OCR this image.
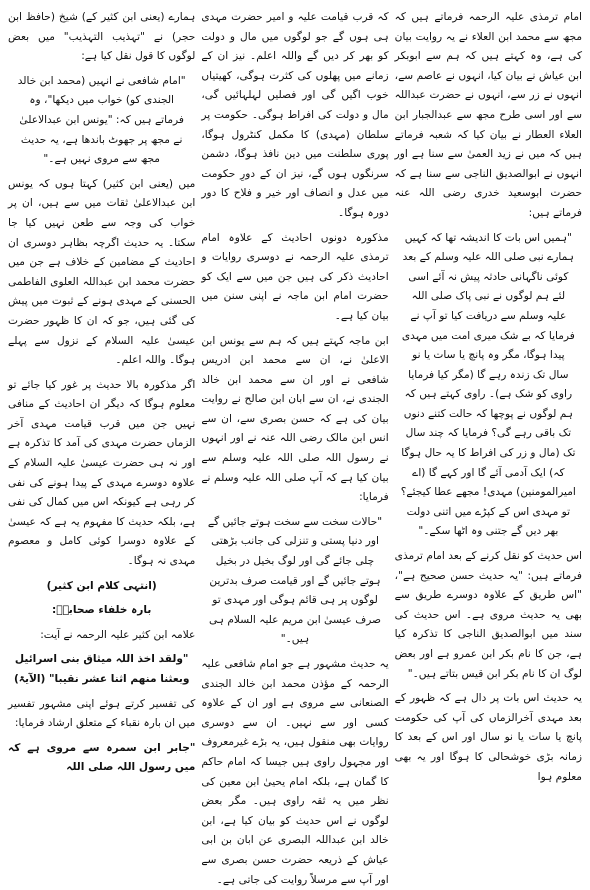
امام ترمذی علیہ الرحمہ فرماتے ہیں کہ مجھ سے محمد ابن العلاء نے یہ روایت بیان کی ہے، وہ کہتے ہیں کہ ہم سے ابوبکر ابن عیاش نے بیان کیا، انہوں نے عاصم سے، انہوں نے زر سے، انہوں نے حضرت عبداللہ سے اور اسی طرح مجھ سے عبدالجبار ابن العلاء العطار نے بیان کیا کہ شعبہ فرماتے ہیں کہ میں نے زید العمیٰ سے سنا ہے اور انہوں نے ابوالصدیق الناجی سے سنا ہے کہ حضرت ابوسعید خدری رضی اللہ عنہ فرماتے ہیں:

"ہمیں اس بات کا اندیشہ تھا کہ کہیں ہمارے نبی صلی اللہ علیہ وسلم کے بعد کوئی ناگہانی حادثہ پیش نہ آئے اسی لئے ہم لوگوں نے نبی پاک صلی اللہ علیہ وسلم سے دریافت کیا تو آپ نے فرمایا کہ بے شک میری امت میں مہدی پیدا ہوگا، مگر وہ پانچ یا سات یا نو سال تک زندہ رہے گا (مگر کیا فرمایا راوی کو شک ہے)۔ راوی کہتے ہیں کہ ہم لوگوں نے پوچھا کہ حالت کتنے دنوں تک باقی رہے گی؟ فرمایا کہ چند سال تک (مال و زر کی افراط کا یہ حال ہوگا کہ) ایک آدمی آئے گا اور کہے گا (اے امیرالمومنین) مہدی! مجھے عطا کیجئے؟ تو مہدی اس کے کپڑے میں اتنی دولت بھر دیں گے جتنی وہ اٹھا سکے۔"

اس حدیث کو نقل کرنے کے بعد امام ترمذی فرماتے ہیں: "یہ حدیث حسن صحیح ہے"، "اس طریق کے علاوہ دوسرے طریق سے بھی یہ حدیث مروی ہے۔ اس حدیث کی سند میں ابوالصدیق الناجی کا تذکرہ کیا ہے، جن کا نام بکر ابن عمرو ہے اور بعض لوگ ان کا نام بکر ابن قیس بتاتے ہیں۔"

یہ حدیث اس بات پر دال ہے کہ ظہور کے بعد مہدی آخرالزماں کی آپ کی حکومت پانچ یا سات یا نو سال اور اس کے بعد کا زمانہ بڑی خوشحالی کا ہوگا اور یہ بھی معلوم ہوا

کہ قرب قیامت علیہ و امیر حضرت مہدی ہی ہوں گے جو لوگوں میں مال و دولت کو بھر کر دیں گے واللہ اعلم۔ نیز ان کے زمانے میں پھلوں کی کثرت ہوگی، کھیتیاں خوب اگیں گی اور فصلیں لہلہائیں گی، مال و دولت کی افراط ہوگی۔ حکومت پر سلطان (مہدی) کا مکمل کنٹرول ہوگا، پوری سلطنت میں دین نافذ ہوگا، دشمن سرنگوں ہوں گے، نیز ان کے دورِ حکومت میں عدل و انصاف اور خیر و فلاح کا دور دورہ ہوگا۔

مذکورہ دونوں احادیث کے علاوہ امام ترمذی علیہ الرحمہ نے دوسری روایات و احادیث ذکر کی ہیں جن میں سے ایک کو حضرت امام ابن ماجہ نے اپنی سنن میں بیان کیا ہے۔

ابن ماجہ کہتے ہیں کہ ہم سے یونس ابن الاعلیٰ نے، ان سے محمد ابن ادریس شافعی نے اور ان سے محمد ابن خالد الجندی نے، ان سے ابان ابن صالح نے روایت بیان کی ہے کہ حسن بصری سے، ان سے انس ابن مالک رضی اللہ عنہ نے اور انہوں نے رسول اللہ صلی اللہ علیہ وسلم سے بیان کیا ہے کہ آپ صلی اللہ علیہ وسلم نے فرمایا:

"حالات سخت سے سخت ہوتے جائیں گے اور دنیا پستی و تنزلی کی جانب بڑھتی چلی جائے گی اور لوگ بخیل در بخیل ہوتے جائیں گے اور قیامت صرف بدترین لوگوں پر ہی قائم ہوگی اور مہدی تو صرف عیسیٰ ابن مریم علیہ السلام ہی ہیں۔"

یہ حدیث مشہور ہے جو امام شافعی علیہ الرحمہ کے مؤذن محمد ابن خالد الجندی الصنعانی سے مروی ہے اور ان کے علاوہ کسی اور سے نہیں۔ ان سے دوسری روایات بھی منقول ہیں، یہ بڑے غیرمعروف اور مجہول راوی ہیں جیسا کہ امام حاکم کا گمان ہے، بلکہ امام یحییٰ ابن معین کی نظر میں یہ ثقہ راوی ہیں۔ مگر بعض لوگوں نے اس حدیث کو بیان کیا ہے، ابن خالد ابن عبداللہ البصری عن ابان بن ابی عیاش کے ذریعہ حضرت حسن بصری سے اور آپ سے مرسلاً روایت کی جاتی ہے۔

ہمارے (یعنی ابن کثیر کے) شیخ (حافظ ابن حجر) نے "تہذیب التہذیب" میں بعض لوگوں کا قول نقل کیا ہے:

"امام شافعی نے انہیں (محمد ابن خالد الجندی کو) خواب میں دیکھا"، وہ فرماتے ہیں کہ: "یونس ابن عبدالاعلیٰ نے مجھ پر جھوٹ باندھا ہے، یہ حدیث مجھ سے مروی نہیں ہے۔"

میں (یعنی ابن کثیر) کہتا ہوں کہ یونس ابن عبدالاعلیٰ ثقات میں سے ہیں، ان پر خواب کی وجہ سے طعن نہیں کیا جا سکتا۔ یہ حدیث اگرچہ بظاہر دوسری ان احادیث کے مضامین کے خلاف ہے جن میں حضرت محمد ابن عبداللہ العلوی الفاطمی الحسنی کے مہدی ہونے کے ثبوت میں پیش کی گئی ہیں، جو کہ ان کا ظہور حضرت عیسیٰ علیہ السلام کے نزول سے پہلے ہوگا۔ واللہ اعلم۔

اگر مذکورہ بالا حدیث پر غور کیا جائے تو معلوم ہوگا کہ دیگر ان احادیث کے منافی نہیں جن میں قرب قیامت مہدی آخر الزماں حضرت مہدی کی آمد کا تذکرہ ہے اور نہ ہی حضرت عیسیٰ علیہ السلام کے علاوہ دوسرے مہدی کے پیدا ہونے کی نفی کر رہی ہے کیونکہ اس میں کمال کی نفی ہے، بلکہ حدیث کا مفہوم یہ ہے کہ عیسیٰ کے علاوہ دوسرا کوئی کامل و معصوم مہدی نہ ہوگا۔

(انتہی کلام ابن کثیر)

بارہ خلفاء صحابہؓ:

علامہ ابن کثیر علیہ الرحمہ نے آیت:

"ولقد اخذ اللہ میثاق بنی اسرائیل وبعثنا منھم اثنا عشر نقیبا" (الآیۃ)

کی تفسیر کرتے ہوئے اپنی مشہور تفسیر میں ان بارہ نقباء کے متعلق ارشاد فرمایا:

"جابر ابن سمرہ سے مروی ہے کہ میں رسول اللہ صلی اللہ
